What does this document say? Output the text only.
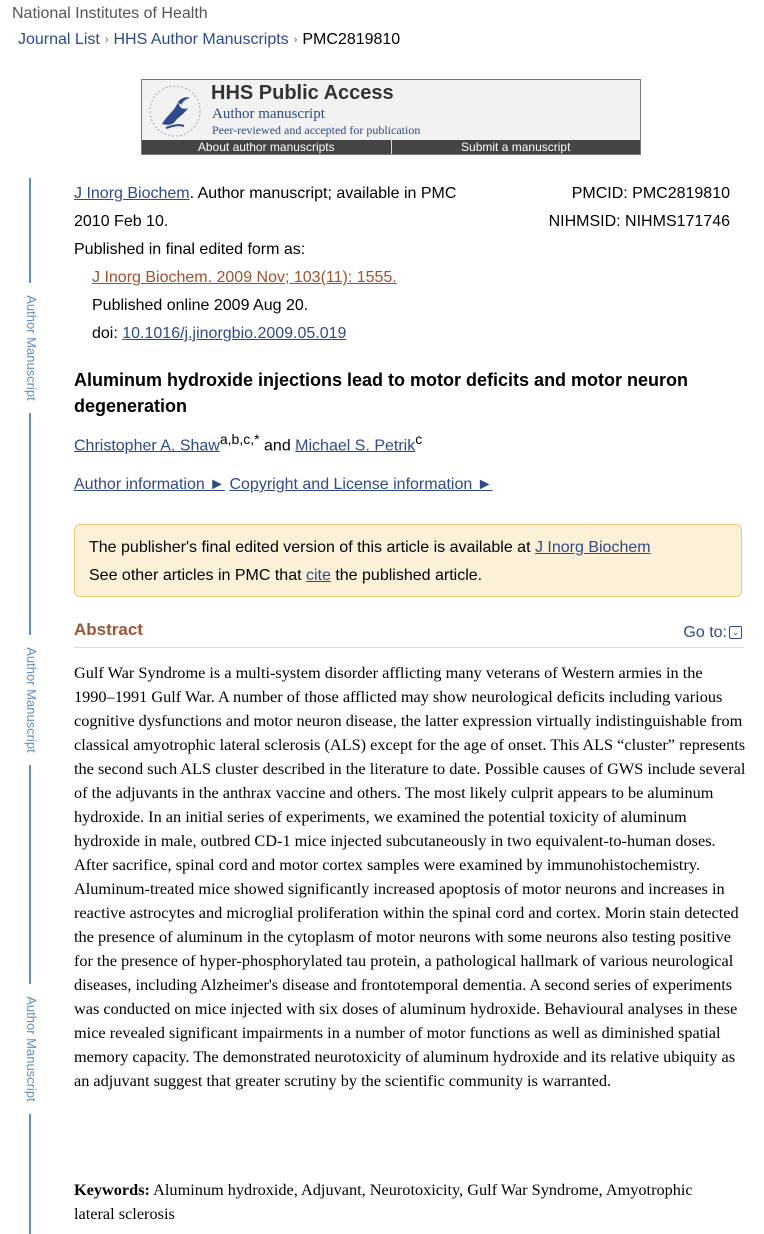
National Institutes of Health
Journal List › HHS Author Manuscripts › PMC2819810
HHS Public Access
Author manuscript
Peer-reviewed and accepted for publication
About author manuscripts	Submit a manuscript
Author Manuscript
Author Manuscript
Author Manuscript
J Inorg Biochem. Author manuscript; available in PMC
2010 Feb 10.
Published in final edited form as:
J Inorg Biochem. 2009 Nov; 103(11): 1555.
Published online 2009 Aug 20.
doi: 10.1016/j.jinorgbio.2009.05.019
PMCID: PMC2819810
NIHMSID: NIHMS171746
Aluminum hydroxide injections lead to motor deficits and motor neuron degeneration
Christopher A. Shaw$^{a,b,c,*}$ and Michael S. Petrik$^c$
Author information ► Copyright and License information ►
The publisher's final edited version of this article is available at J Inorg Biochem
See other articles in PMC that cite the published article.
Abstract	Go to: ⌄

Gulf War Syndrome is a multi-system disorder afflicting many veterans of Western armies in the 1990–1991 Gulf War. A number of those afflicted may show neurological deficits including various cognitive dysfunctions and motor neuron disease, the latter expression virtually indistinguishable from classical amyotrophic lateral sclerosis (ALS) except for the age of onset. This ALS “cluster” represents the second such ALS cluster described in the literature to date. Possible causes of GWS include several of the adjuvants in the anthrax vaccine and others. The most likely culprit appears to be aluminum hydroxide. In an initial series of experiments, we examined the potential toxicity of aluminum hydroxide in male, outbred CD-1 mice injected subcutaneously in two equivalent-to-human doses. After sacrifice, spinal cord and motor cortex samples were examined by immunohistochemistry. Aluminum-treated mice showed significantly increased apoptosis of motor neurons and increases in reactive astrocytes and microglial proliferation within the spinal cord and cortex. Morin stain detected the presence of aluminum in the cytoplasm of motor neurons with some neurons also testing positive for the presence of hyper-phosphorylated tau protein, a pathological hallmark of various neurological diseases, including Alzheimer's disease and frontotemporal dementia. A second series of experiments was conducted on mice injected with six doses of aluminum hydroxide. Behavioural analyses in these mice revealed significant impairments in a number of motor functions as well as diminished spatial memory capacity. The demonstrated neurotoxicity of aluminum hydroxide and its relative ubiquity as an adjuvant suggest that greater scrutiny by the scientific community is warranted.

Keywords: Aluminum hydroxide, Adjuvant, Neurotoxicity, Gulf War Syndrome, Amyotrophic lateral sclerosis
